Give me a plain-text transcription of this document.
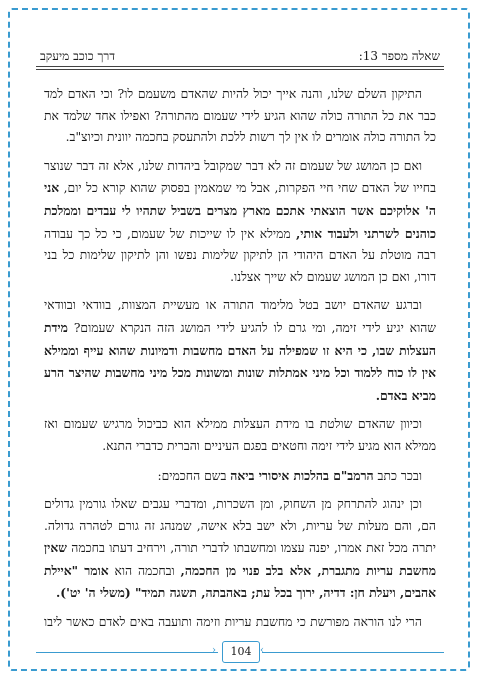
שאלה מספר 13:
דרך כוכב מיעקב

התיקון השלם שלנו, והנה אייך יכול להיות שהאדם משעמם לו? וכי האדם למד כבר את כל התורה כולה שהוא הגיע לידי שעמום מהתורה? ואפילו אחד שלמד את כל התורה כולה אומרים לו אין לך רשות ללכת ולהתעסק בחכמה יוונית וכיוצ"ב.

ואם כן המושג של שעמום זה לא דבר שמקובל ביהדות שלנו, אלא זה דבר שנוצר בחייו של האדם שחי חיי הפקרות, אבל מי שמאמין בפסוק שהוא קורא כל יום, אני ה' אלוקיכם אשר הוצאתי אתכם מארץ מצרים בשביל שתהיו לי עבדים וממלכת כוהנים לשרתני ולעבוד אותי, ממילא אין לו שייכות של שעמום, כי כל כך עבודה רבה מוטלת על האדם היהודי הן לתיקון שלימות נפשו והן לתיקון שלימות כל בני דורו, ואם כן המושג שעמום לא שייך אצלנו.

וברגע שהאדם יושב בטל מלימוד התורה או מעשיית המצוות, בוודאי ובוודאי שהוא יגיע לידי זימה, ומי גרם לו להגיע לידי המושג הזה הנקרא שעמום? מידת העצלות שבו, כי היא זו שמפילה על האדם מחשבות ודמיונות שהוא עייף וממילא אין לו כוח ללמוד וכל מיני אמתלות שונות ומשונות מכל מיני מחשבות שהיצר הרע מביא באדם.

וכיוון שהאדם שולטת בו מידת העצלות ממילא הוא כביכול מרגיש שעמום ואז ממילא הוא מגיע לידי זימה וחטאים בפגם העיניים והברית כדברי התנא.

ובכר כתב הרמב"ם בהלכות איסורי ביאה בשם החכמים:

וכן ינהוג להתרחק מן השחוק, ומן השכרות, ומדברי עגבים שאלו גורמין גדולים הם, והם מעלות של עריות, ולא ישב בלא אישה, שמנהג זה גורם לטהרה גדולה. יתרה מכל זאת אמרו, יפנה עצמו ומחשבתו לדברי תורה, וירחיב דעתו בחכמה שאין מחשבת עריות מתגברת, אלא בלב פנוי מן החכמה, ובחכמה הוא אומר "איילת אהבים, ויעלת חן: דדיה, ירוך בכל עת; באהבתה, תשגה תמיד" (משלי ה' יט').

הרי לנו הוראה מפורשת כי מחשבת עריות וזימה ותועבה באים לאדם כאשר ליבו

›	104 ‹
